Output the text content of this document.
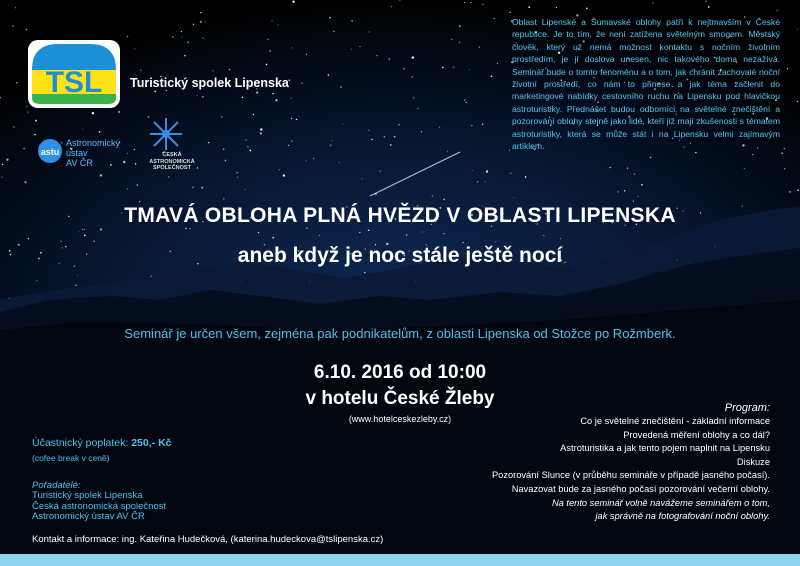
TSL Turistický spolek Lipenska
astu
Astronomický
ústav
AV ČR
ČESKÁ
ASTRONOMICKÁ
SPOLEČNOST
Oblast Lipenské a Šumavské oblohy patří k nejtmavším v České republice. Je to tím, že není zatížena světelným smogem. Městský člověk, který už nemá možnost kontaktu s nočním životním prostředím, je jí doslova unesen, nic takového doma nezažívá. Seminář bude o tomto fenoménu a o tom, jak chránit zachovalé noční životní prostředí, co nám to přinese a jak téma začlenit do marketingové nabídky cestovního ruchu na Lipensku pod hlavičkou astroturistiky. Přednášet budou odborníci na světelné znečištění a pozorování oblohy stejně jako lidé, kteří již mají zkušenosti s tématem astroturistiky, která se může stát i na Lipensku velmi zajímavým artiklem.
TMAVÁ OBLOHA PLNÁ HVĚZD V OBLASTI LIPENSKA
aneb když je noc stále ještě nocí
Seminář je určen všem, zejména pak podnikatelům, z oblasti Lipenska od Stožce po Rožmberk.
6.10. 2016 od 10:00
v hotelu České Žleby
(www.hotelceskezleby.cz)
Účastnický poplatek: 250,- Kč
(cofee break v ceně)
Pořadatelé:
Turistický spolek Lipenska
Česká astronomická společnost
Astronomický ústav AV ČR
Kontakt a informace: ing. Kateřina Hudečková, (katerina.hudeckova@tslipenska.cz)
Program:
Co je světelné znečištění - základní informace
Provedená měření oblohy a co dál?
Astroturistika a jak tento pojem naplnit na Lipensku
Diskuze
Pozorování Slunce (v průběhu semináře v případě jasného počasí).
Navazovat bude za jasného počasí pozorování večerní oblohy.
Na tento seminář volně navážeme seminářem o tom,
jak správně na fotografování noční oblohy.
